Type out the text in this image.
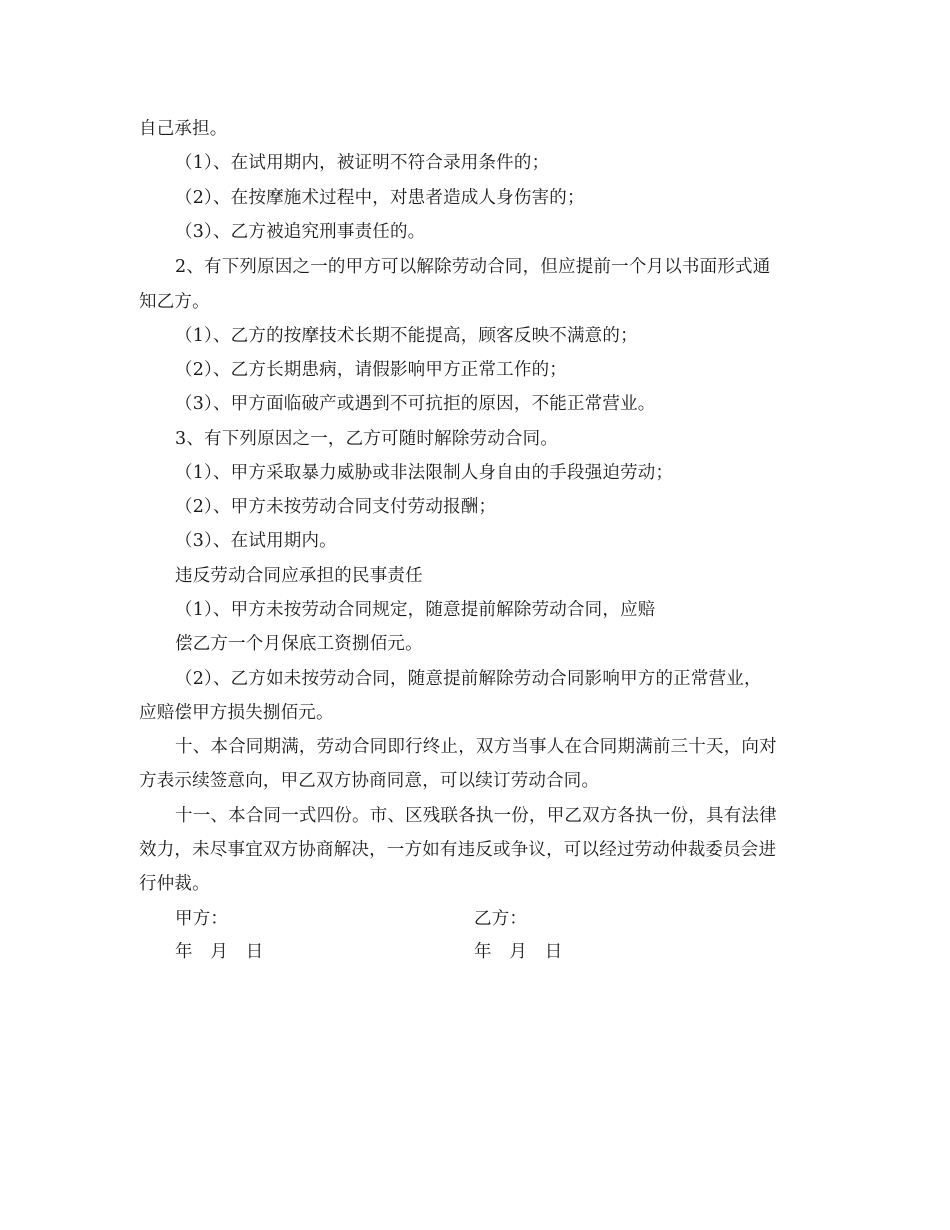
自己承担。
（1）、在试用期内，被证明不符合录用条件的；
（2）、在按摩施术过程中，对患者造成人身伤害的；
（3）、乙方被追究刑事责任的。
2、有下列原因之一的甲方可以解除劳动合同，但应提前一个月以书面形式通
知乙方。
（1）、乙方的按摩技术长期不能提高，顾客反映不满意的；
（2）、乙方长期患病，请假影响甲方正常工作的；
（3）、甲方面临破产或遇到不可抗拒的原因，不能正常营业。
3、有下列原因之一，乙方可随时解除劳动合同。
（1）、甲方采取暴力威胁或非法限制人身自由的手段强迫劳动；
（2）、甲方未按劳动合同支付劳动报酬；
（3）、在试用期内。
违反劳动合同应承担的民事责任
（1）、甲方未按劳动合同规定，随意提前解除劳动合同，应赔
偿乙方一个月保底工资捌佰元。
（2）、乙方如未按劳动合同，随意提前解除劳动合同影响甲方的正常营业，
应赔偿甲方损失捌佰元。
十、本合同期满，劳动合同即行终止，双方当事人在合同期满前三十天，向对
方表示续签意向，甲乙双方协商同意，可以续订劳动合同。
十一、本合同一式四份。市、区残联各执一份，甲乙双方各执一份，具有法律
效力，未尽事宜双方协商解决，一方如有违反或争议，可以经过劳动仲裁委员会进
行仲裁。
甲方：	乙方：
年　月　日	年　月　日
